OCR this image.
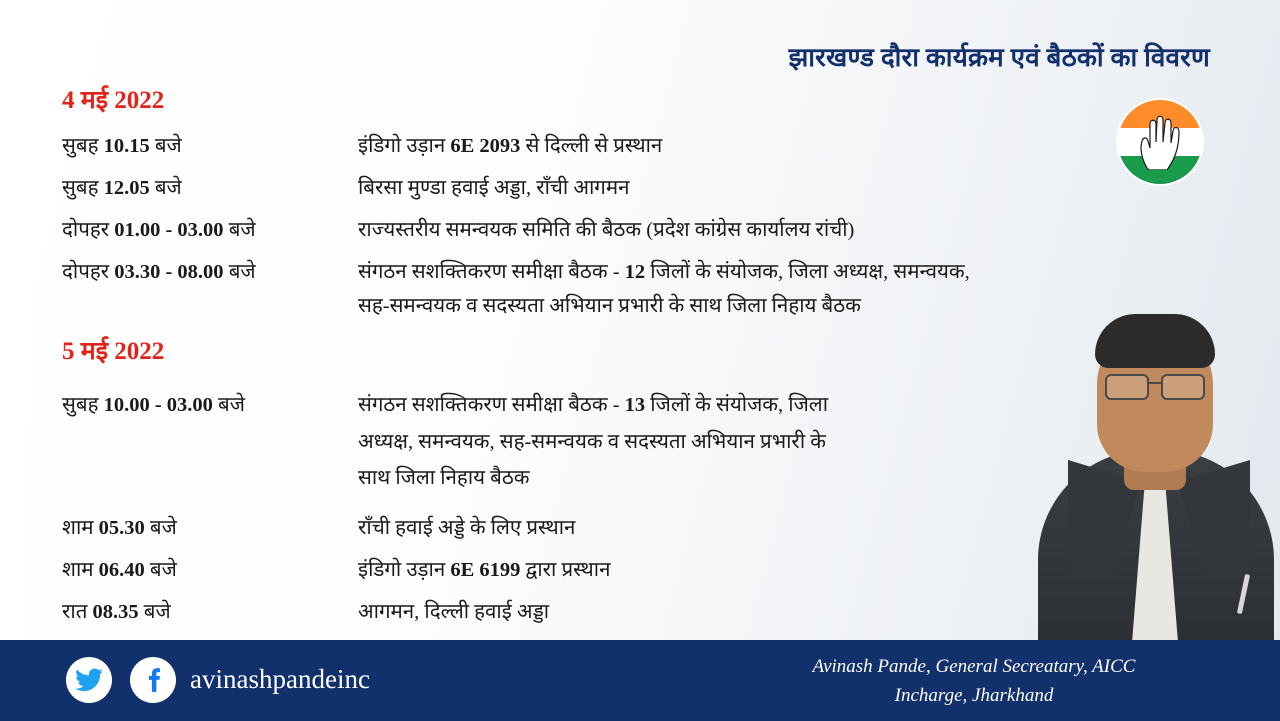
झारखण्ड दौरा कार्यक्रम एवं बैठकों का विवरण
4 मई 2022
सुबह 10.15 बजे	इंडिगो उड़ान 6E 2093 से दिल्ली से प्रस्थान
सुबह 12.05 बजे	बिरसा मुण्डा हवाई अड्डा, राँची आगमन
दोपहर 01.00 - 03.00 बजे	राज्यस्तरीय समन्वयक समिति की बैठक (प्रदेश कांग्रेस कार्यालय रांची)
दोपहर 03.30 - 08.00 बजे	संगठन सशक्तिकरण समीक्षा बैठक - 12 जिलों के संयोजक, जिला अध्यक्ष, समन्वयक,
सह-समन्वयक व सदस्यता अभियान प्रभारी के साथ जिला निहाय बैठक
5 मई 2022
सुबह 10.00 - 03.00 बजे	संगठन सशक्तिकरण समीक्षा बैठक - 13 जिलों के संयोजक, जिला
अध्यक्ष, समन्वयक, सह-समन्वयक व सदस्यता अभियान प्रभारी के
साथ जिला निहाय बैठक
शाम 05.30 बजे	राँची हवाई अड्डे के लिए प्रस्थान
शाम 06.40 बजे	इंडिगो उड़ान 6E 6199 द्वारा प्रस्थान
रात 08.35 बजे	आगमन, दिल्ली हवाई अड्डा
avinashpandeinc	Avinash Pande, General Secreatary, AICC
Incharge, Jharkhand
